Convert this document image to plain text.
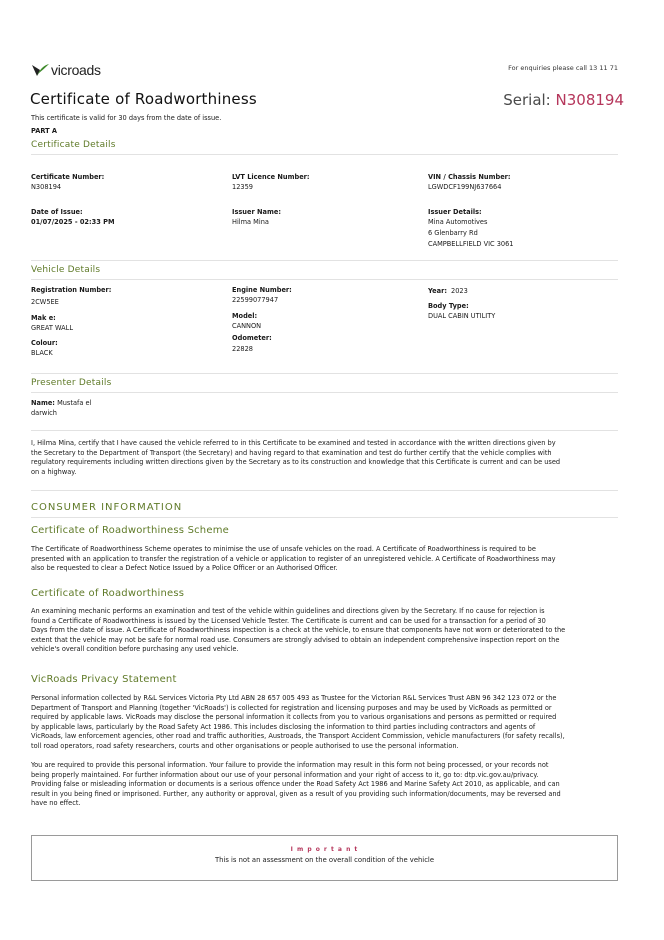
vicroads	For enquiries please call 13 11 71
Certificate of Roadworthiness	Serial: N308194
This certificate is valid for 30 days from the date of issue.
PART A
Certificate Details
Certificate Number:
N308194
LVT Licence Number:
12359
VIN / Chassis Number:
LGWDCF199NJ637664
Date of Issue:
01/07/2025 - 02:33 PM
Issuer Name:
Hilma Mina
Issuer Details:
Mina Automotives
6 Glenbarry Rd
CAMPBELLFIELD VIC 3061
Vehicle Details
Registration Number:
2CW5EE
Engine Number:
22599077947
Year: 2023
Mak e:
GREAT WALL
Model:
CANNON
Body Type:
DUAL CABIN UTILITY
Colour:
BLACK
Odometer:
22828
Presenter Details
Name: Mustafa el
darwich
I, Hilma Mina, certify that I have caused the vehicle referred to in this Certificate to be examined and tested in accordance with the written directions given by
the Secretary to the Department of Transport (the Secretary) and having regard to that examination and test do further certify that the vehicle complies with
regulatory requirements including written directions given by the Secretary as to its construction and knowledge that this Certificate is current and can be used
on a highway.
CONSUMER INFORMATION
Certificate of Roadworthiness Scheme
The Certificate of Roadworthiness Scheme operates to minimise the use of unsafe vehicles on the road. A Certificate of Roadworthiness is required to be
presented with an application to transfer the registration of a vehicle or application to register of an unregistered vehicle. A Certificate of Roadworthiness may
also be requested to clear a Defect Notice Issued by a Police Officer or an Authorised Officer.
Certificate of Roadworthiness
An examining mechanic performs an examination and test of the vehicle within guidelines and directions given by the Secretary. If no cause for rejection is
found a Certificate of Roadworthiness is issued by the Licensed Vehicle Tester. The Certificate is current and can be used for a transaction for a period of 30
Days from the date of issue. A Certificate of Roadworthiness inspection is a check at the vehicle, to ensure that components have not worn or deteriorated to the
extent that the vehicle may not be safe for normal road use. Consumers are strongly advised to obtain an independent comprehensive inspection report on the
vehicle's overall condition before purchasing any used vehicle.
VicRoads Privacy Statement
Personal information collected by R&L Services Victoria Pty Ltd ABN 28 657 005 493 as Trustee for the Victorian R&L Services Trust ABN 96 342 123 072 or the
Department of Transport and Planning (together 'VicRoads') is collected for registration and licensing purposes and may be used by VicRoads as permitted or
required by applicable laws. VicRoads may disclose the personal information it collects from you to various organisations and persons as permitted or required
by applicable laws, particularly by the Road Safety Act 1986. This includes disclosing the information to third parties including contractors and agents of
VicRoads, law enforcement agencies, other road and traffic authorities, Austroads, the Transport Accident Commission, vehicle manufacturers (for safety recalls),
toll road operators, road safety researchers, courts and other organisations or people authorised to use the personal information.
You are required to provide this personal information. Your failure to provide the information may result in this form not being processed, or your records not
being properly maintained. For further information about our use of your personal information and your right of access to it, go to: dtp.vic.gov.au/privacy.
Providing false or misleading information or documents is a serious offence under the Road Safety Act 1986 and Marine Safety Act 2010, as applicable, and can
result in you being fined or imprisoned. Further, any authority or approval, given as a result of you providing such information/documents, may be reversed and
have no effect.
I m p o r t a n t
This is not an assessment on the overall condition of the vehicle
